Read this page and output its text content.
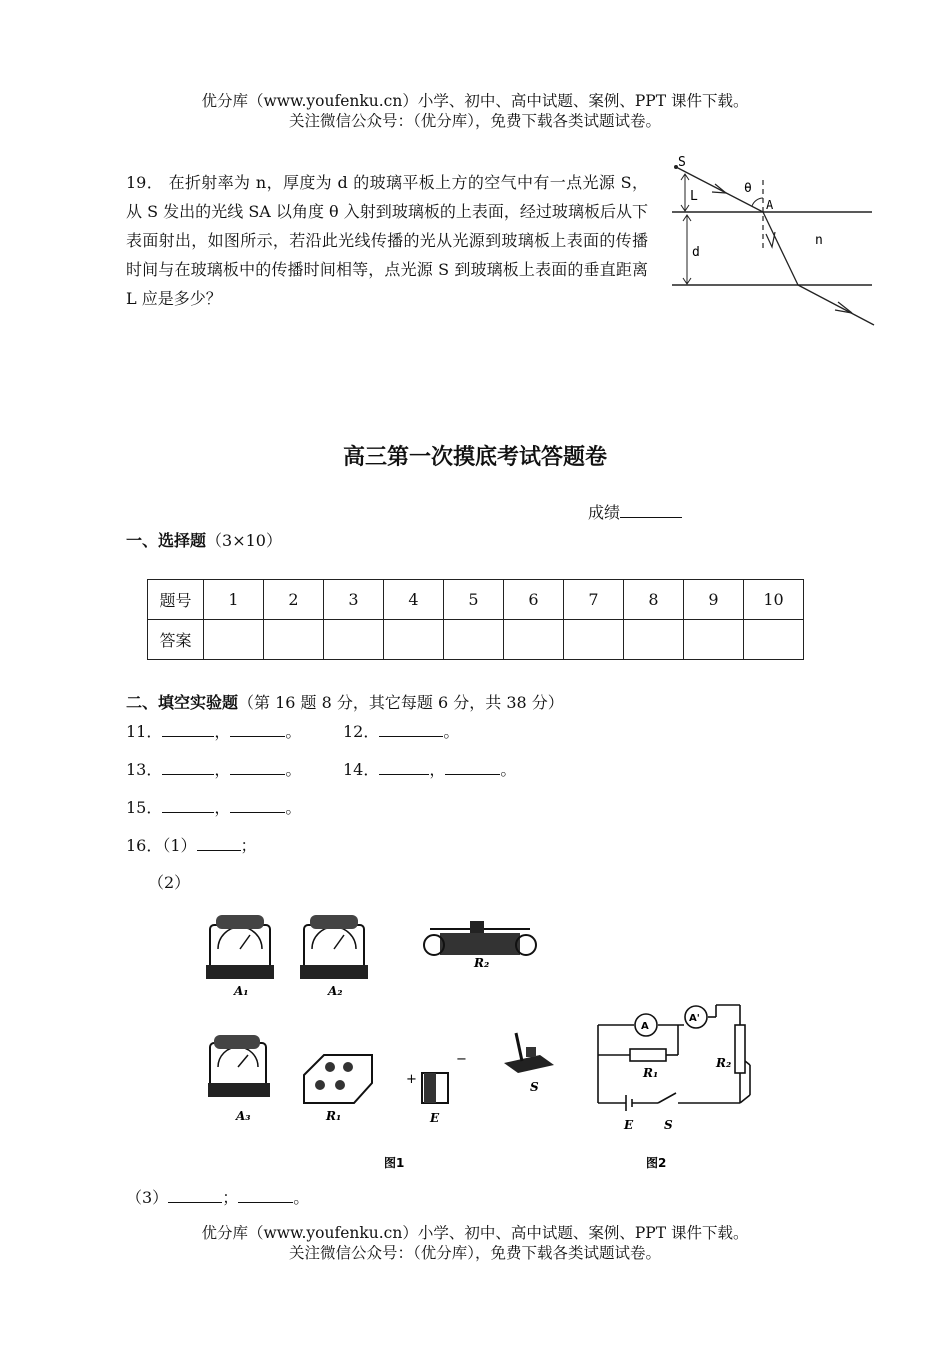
优分库（www.youfenku.cn）小学、初中、高中试题、案例、PPT 课件下载。
关注微信公众号：（优分库），免费下载各类试题试卷。
19． 在折射率为 n，厚度为 d 的玻璃平板上方的空气中有一点光源 S，从 S 发出的光线 SA 以角度 θ 入射到玻璃板的上表面，经过玻璃板后从下表面射出，如图所示，若沿此光线传播的光从光源到玻璃板上表面的传播时间与在玻璃板中的传播时间相等，点光源 S 到玻璃板上表面的垂直距离 L 应是多少？
S
L
θ
A
d
n
高三第一次摸底考试答题卷
成绩
一、选择题（3×10）
题号	1	2	3	4	5	6	7	8	9	10
答案										
二、填空实验题（第 16 题 8 分，其它每题 6 分，共 38 分）
11．	，	。	12．	。
13．	，	。	14．	，	。
15．	，	。
16．（1）	；
（2）
A₁	A₂
R₂
A₃	R₁
+
−
E
S
A
A'
R₁
R₂
E	S
图1	图2
（3）	；	。
优分库（www.youfenku.cn）小学、初中、高中试题、案例、PPT 课件下载。
关注微信公众号：（优分库），免费下载各类试题试卷。
